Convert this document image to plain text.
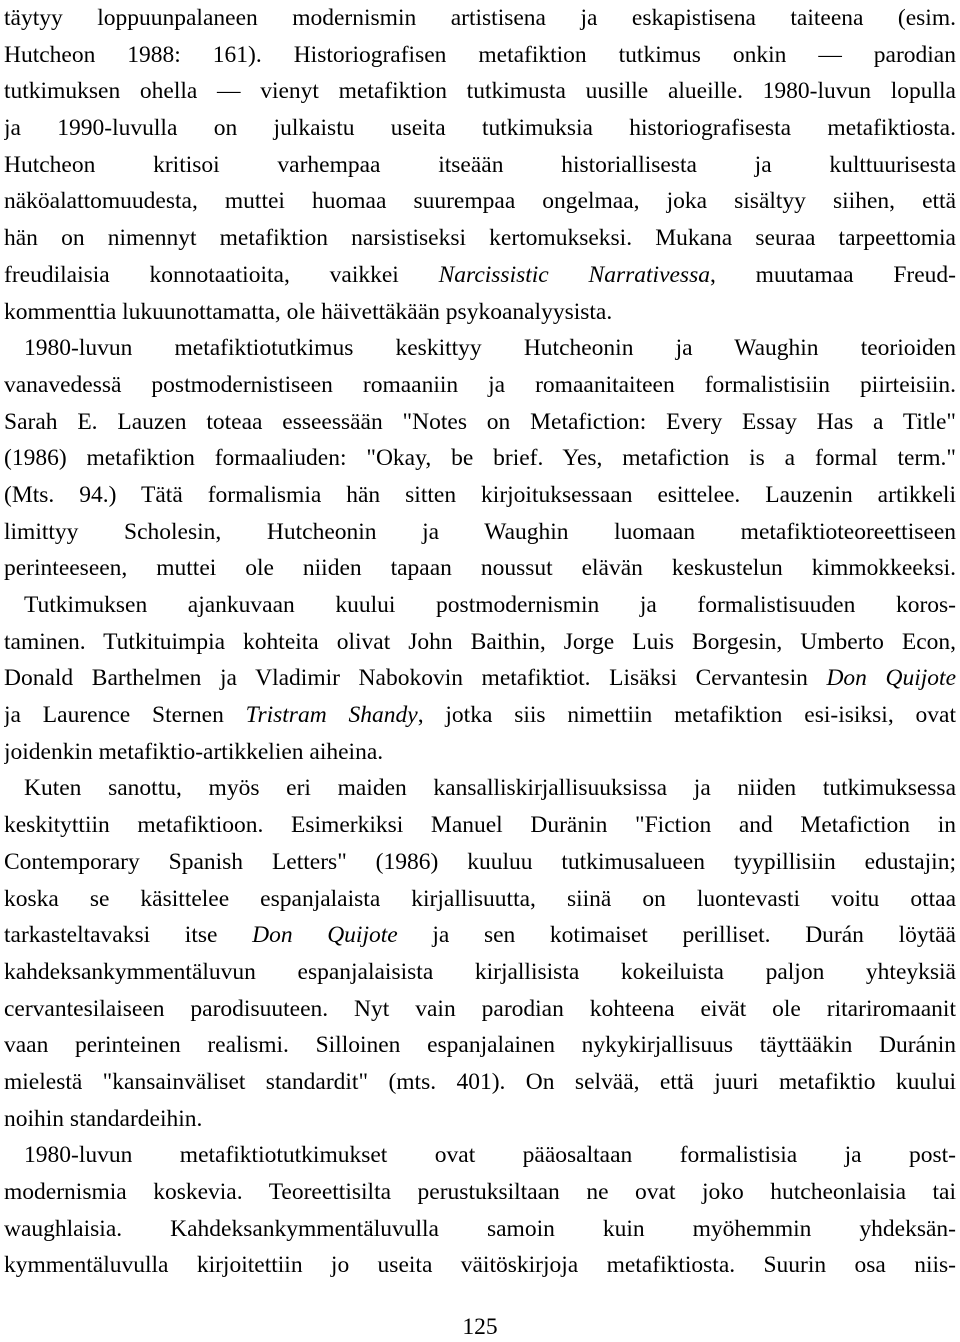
täytyy loppuunpalaneen modernismin artistisena ja eskapistisena taiteena (esim.
Hutcheon 1988: 161). Historiografisen metafiktion tutkimus onkin — parodian
tutkimuksen ohella — vienyt metafiktion tutkimusta uusille alueille. 1980-luvun lopulla
ja 1990-luvulla on julkaistu useita tutkimuksia historiografisesta metafiktiosta.
Hutcheon kritisoi varhempaa itseään historiallisesta ja kulttuurisesta
näköalattomuudesta, muttei huomaa suurempaa ongelmaa, joka sisältyy siihen, että
hän on nimennyt metafiktion narsistiseksi kertomukseksi. Mukana seuraa tarpeettomia
freudilaisia konnotaatioita, vaikkei Narcissistic Narrativessa, muutamaa Freud-
kommenttia lukuunottamatta, ole häivettäkään psykoanalyysista.
1980-luvun metafiktiotutkimus keskittyy Hutcheonin ja Waughin teorioiden
vanavedessä postmodernistiseen romaaniin ja romaanitaiteen formalistisiin piirteisiin.
Sarah E. Lauzen toteaa esseessään "Notes on Metafiction: Every Essay Has a Title"
(1986) metafiktion formaaliuden: "Okay, be brief. Yes, metafiction is a formal term."
(Mts. 94.) Tätä formalismia hän sitten kirjoituksessaan esittelee. Lauzenin artikkeli
limittyy Scholesin, Hutcheonin ja Waughin luomaan metafiktioteoreettiseen
perinteeseen, muttei ole niiden tapaan noussut elävän keskustelun kimmokkeeksi.
Tutkimuksen ajankuvaan kuului postmodernismin ja formalistisuuden koros-
taminen. Tutkituimpia kohteita olivat John Baithin, Jorge Luis Borgesin, Umberto Econ,
Donald Barthelmen ja Vladimir Nabokovin metafiktiot. Lisäksi Cervantesin Don Quijote
ja Laurence Sternen Tristram Shandy, jotka siis nimettiin metafiktion esi-isiksi, ovat
joidenkin metafiktio-artikkelien aiheina.
Kuten sanottu, myös eri maiden kansalliskirjallisuuksissa ja niiden tutkimuksessa
keskityttiin metafiktioon. Esimerkiksi Manuel Duränin "Fiction and Metafiction in
Contemporary Spanish Letters" (1986) kuuluu tutkimusalueen tyypillisiin edustajin;
koska se käsittelee espanjalaista kirjallisuutta, siinä on luontevasti voitu ottaa
tarkasteltavaksi itse Don Quijote ja sen kotimaiset perilliset. Durán löytää
kahdeksankymmentäluvun espanjalaisista kirjallisista kokeiluista paljon yhteyksiä
cervantesilaiseen parodisuuteen. Nyt vain parodian kohteena eivät ole ritariromaanit
vaan perinteinen realismi. Silloinen espanjalainen nykykirjallisuus täyttääkin Duránin
mielestä "kansainväliset standardit" (mts. 401). On selvää, että juuri metafiktio kuului
noihin standardeihin.
1980-luvun metafiktiotutkimukset ovat pääosaltaan formalistisia ja post-
modernismia koskevia. Teoreettisilta perustuksiltaan ne ovat joko hutcheonlaisia tai
waughlaisia. Kahdeksankymmentäluvulla samoin kuin myöhemmin yhdeksän-
kymmentäluvulla kirjoitettiin jo useita väitöskirjoja metafiktiosta. Suurin osa niis-
125
